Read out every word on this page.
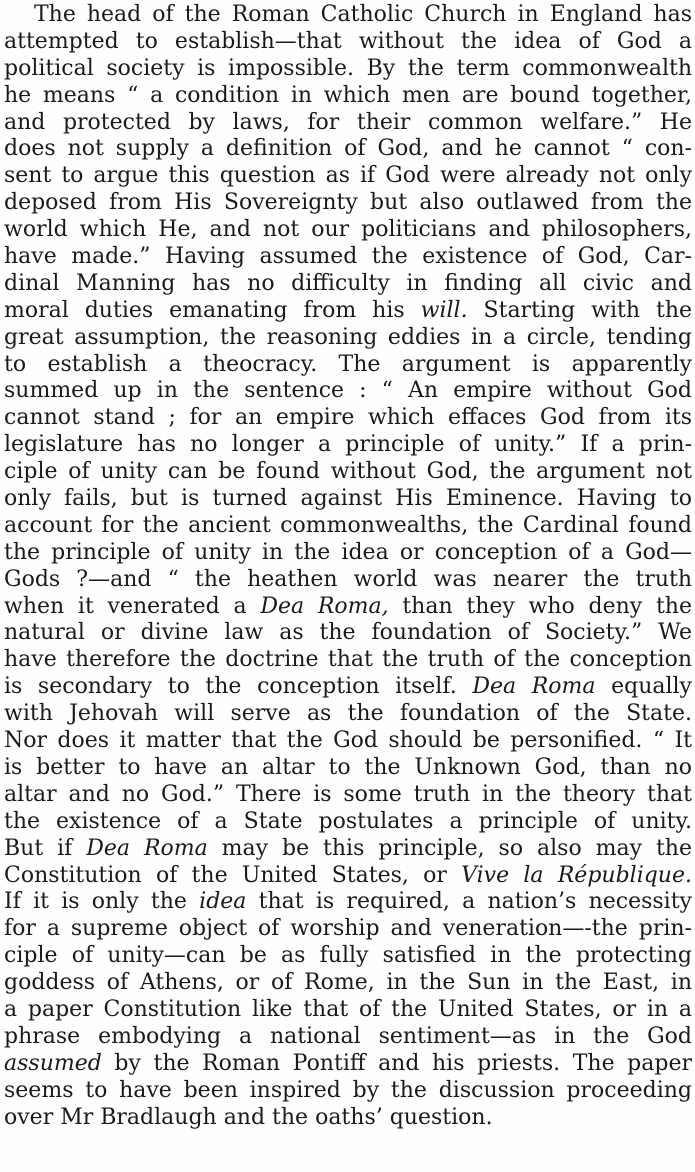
The head of the Roman Catholic Church in England has
attempted to establish—that without the idea of God a
political society is impossible. By the term commonwealth
he means “ a condition in which men are bound together,
and protected by laws, for their common welfare.” He
does not supply a definition of God, and he cannot “ con-
sent to argue this question as if God were already not only
deposed from His Sovereignty but also outlawed from the
world which He, and not our politicians and philosophers,
have made.” Having assumed the existence of God, Car-
dinal Manning has no difficulty in finding all civic and
moral duties emanating from his will. Starting with the
great assumption, the reasoning eddies in a circle, tending
to establish a theocracy. The argument is apparently
summed up in the sentence : “ An empire without God
cannot stand ; for an empire which effaces God from its
legislature has no longer a principle of unity.” If a prin-
ciple of unity can be found without God, the argument not
only fails, but is turned against His Eminence. Having to
account for the ancient commonwealths, the Cardinal found
the principle of unity in the idea or conception of a God—
Gods ?—and “ the heathen world was nearer the truth
when it venerated a Dea Roma, than they who deny the
natural or divine law as the foundation of Society.” We
have therefore the doctrine that the truth of the conception
is secondary to the conception itself. Dea Roma equally
with Jehovah will serve as the foundation of the State.
Nor does it matter that the God should be personified. “ It
is better to have an altar to the Unknown God, than no
altar and no God.” There is some truth in the theory that
the existence of a State postulates a principle of unity.
But if Dea Roma may be this principle, so also may the
Constitution of the United States, or Vive la République.
If it is only the idea that is required, a nation’s necessity
for a supreme object of worship and veneration—-the prin-
ciple of unity—can be as fully satisfied in the protecting
goddess of Athens, or of Rome, in the Sun in the East, in
a paper Constitution like that of the United States, or in a
phrase embodying a national sentiment—as in the God
assumed by the Roman Pontiff and his priests. The paper
seems to have been inspired by the discussion proceeding
over Mr Bradlaugh and the oaths’ question.
